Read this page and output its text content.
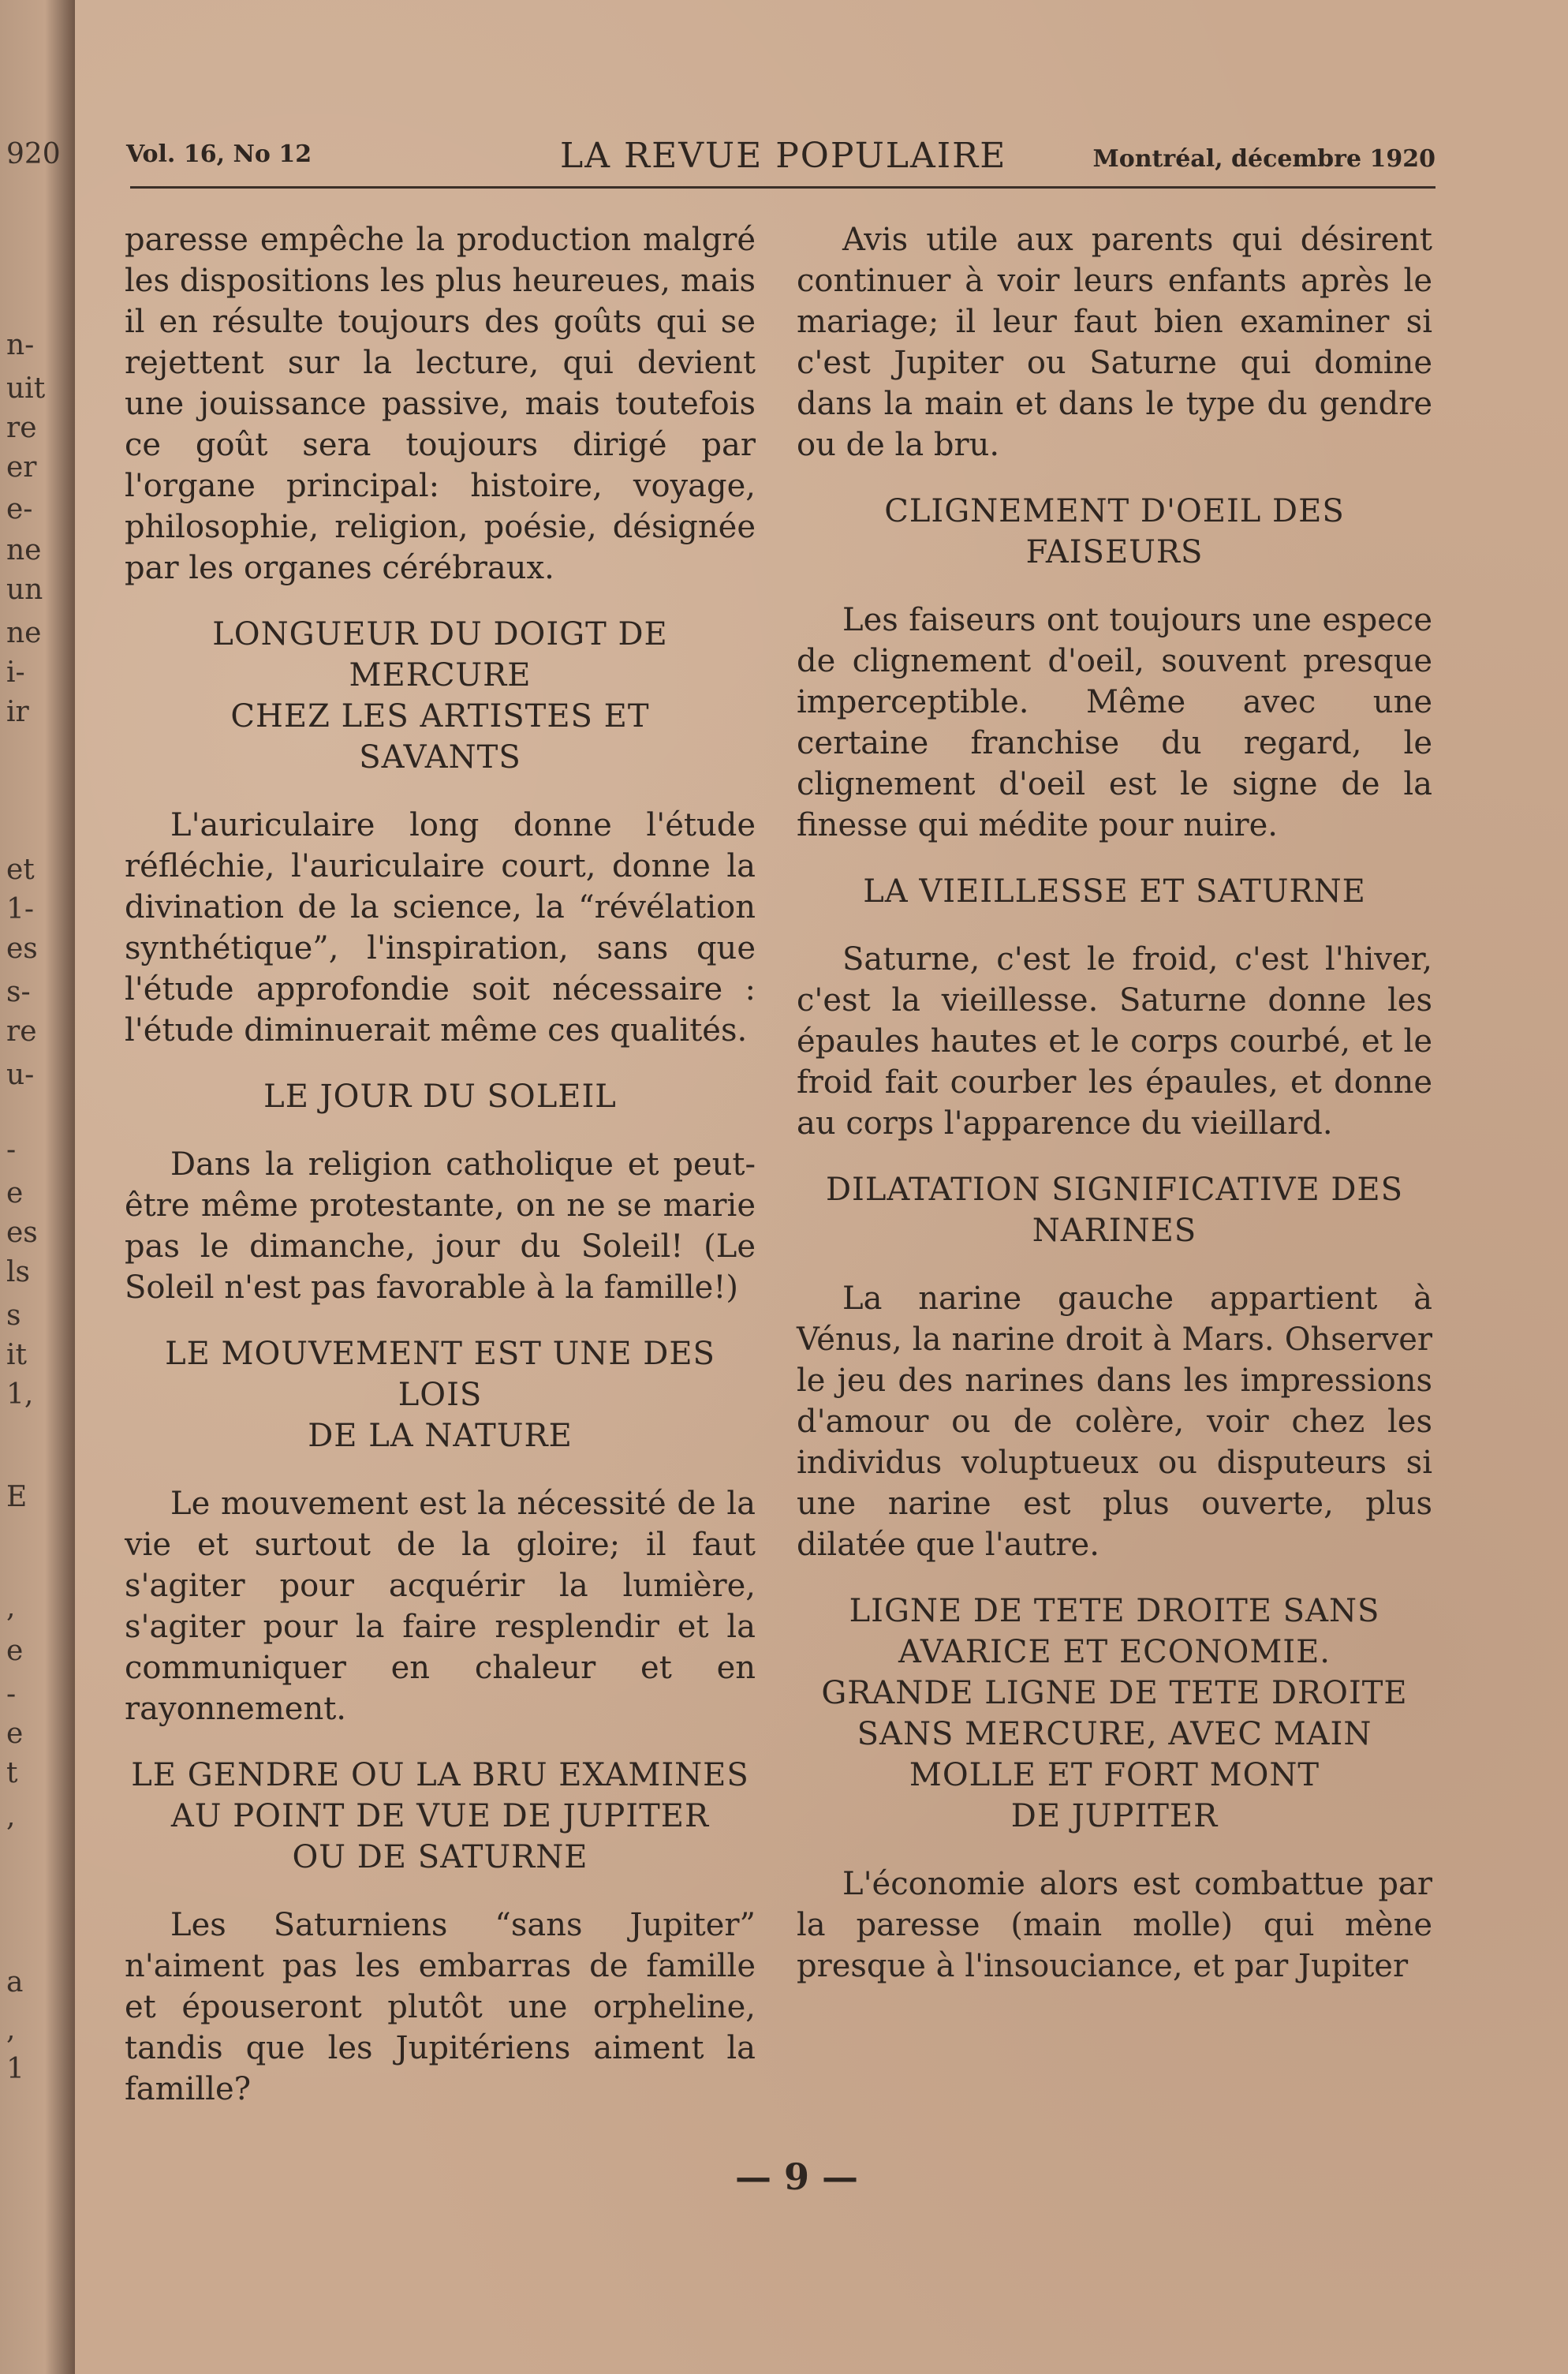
920
n-
uit
re
er
e-
ne
un
ne
i-
ir
et
1-
es
s-
re
u-
-
e
es
ls
s
it
1,
E
,
e
-
e
t
,
a
,
1
Vol. 16, No 12	LA REVUE POPULAIRE	Montréal, décembre 1920

paresse empêche la production malgré les dispositions les plus heureues, mais il en résulte toujours des goûts qui se rejettent sur la lecture, qui devient une jouissance passive, mais toutefois ce goût sera toujours dirigé par l'organe principal: histoire, voyage, philosophie, religion, poésie, désignée par les organes cérébraux.

LONGUEUR DU DOIGT DE MERCURE
CHEZ LES ARTISTES ET
SAVANTS

L'auriculaire long donne l'étude réfléchie, l'auriculaire court, donne la divination de la science, la “révélation synthétique”, l'inspiration, sans que l'étude approfondie soit nécessaire : l'étude diminuerait même ces qualités.

LE JOUR DU SOLEIL

Dans la religion catholique et peut-être même protestante, on ne se marie pas le dimanche, jour du Soleil! (Le Soleil n'est pas favorable à la famille!)

LE MOUVEMENT EST UNE DES LOIS
DE LA NATURE

Le mouvement est la nécessité de la vie et surtout de la gloire; il faut s'agiter pour acquérir la lumière, s'agiter pour la faire resplendir et la communiquer en chaleur et en rayonnement.

LE GENDRE OU LA BRU EXAMINES
AU POINT DE VUE DE JUPITER
OU DE SATURNE

Les Saturniens “sans Jupiter” n'aiment pas les embarras de famille et épouseront plutôt une orpheline, tandis que les Jupitériens aiment la famille?

Avis utile aux parents qui désirent continuer à voir leurs enfants après le mariage; il leur faut bien examiner si c'est Jupiter ou Saturne qui domine dans la main et dans le type du gendre ou de la bru.

CLIGNEMENT D'OEIL DES
FAISEURS

Les faiseurs ont toujours une espece de clignement d'oeil, souvent presque imperceptible. Même avec une certaine franchise du regard, le clignement d'oeil est le signe de la finesse qui médite pour nuire.

LA VIEILLESSE ET SATURNE

Saturne, c'est le froid, c'est l'hiver, c'est la vieillesse. Saturne donne les épaules hautes et le corps courbé, et le froid fait courber les épaules, et donne au corps l'apparence du vieillard.

DILATATION SIGNIFICATIVE DES
NARINES

La narine gauche appartient à Vénus, la narine droit à Mars. Ohserver le jeu des narines dans les impressions d'amour ou de colère, voir chez les individus voluptueux ou disputeurs si une narine est plus ouverte, plus dilatée que l'autre.

LIGNE DE TETE DROITE SANS
AVARICE ET ECONOMIE.
GRANDE LIGNE DE TETE DROITE
SANS MERCURE, AVEC MAIN
MOLLE ET FORT MONT
DE JUPITER

L'économie alors est combattue par la paresse (main molle) qui mène presque à l'insouciance, et par Jupiter

— 9 —
